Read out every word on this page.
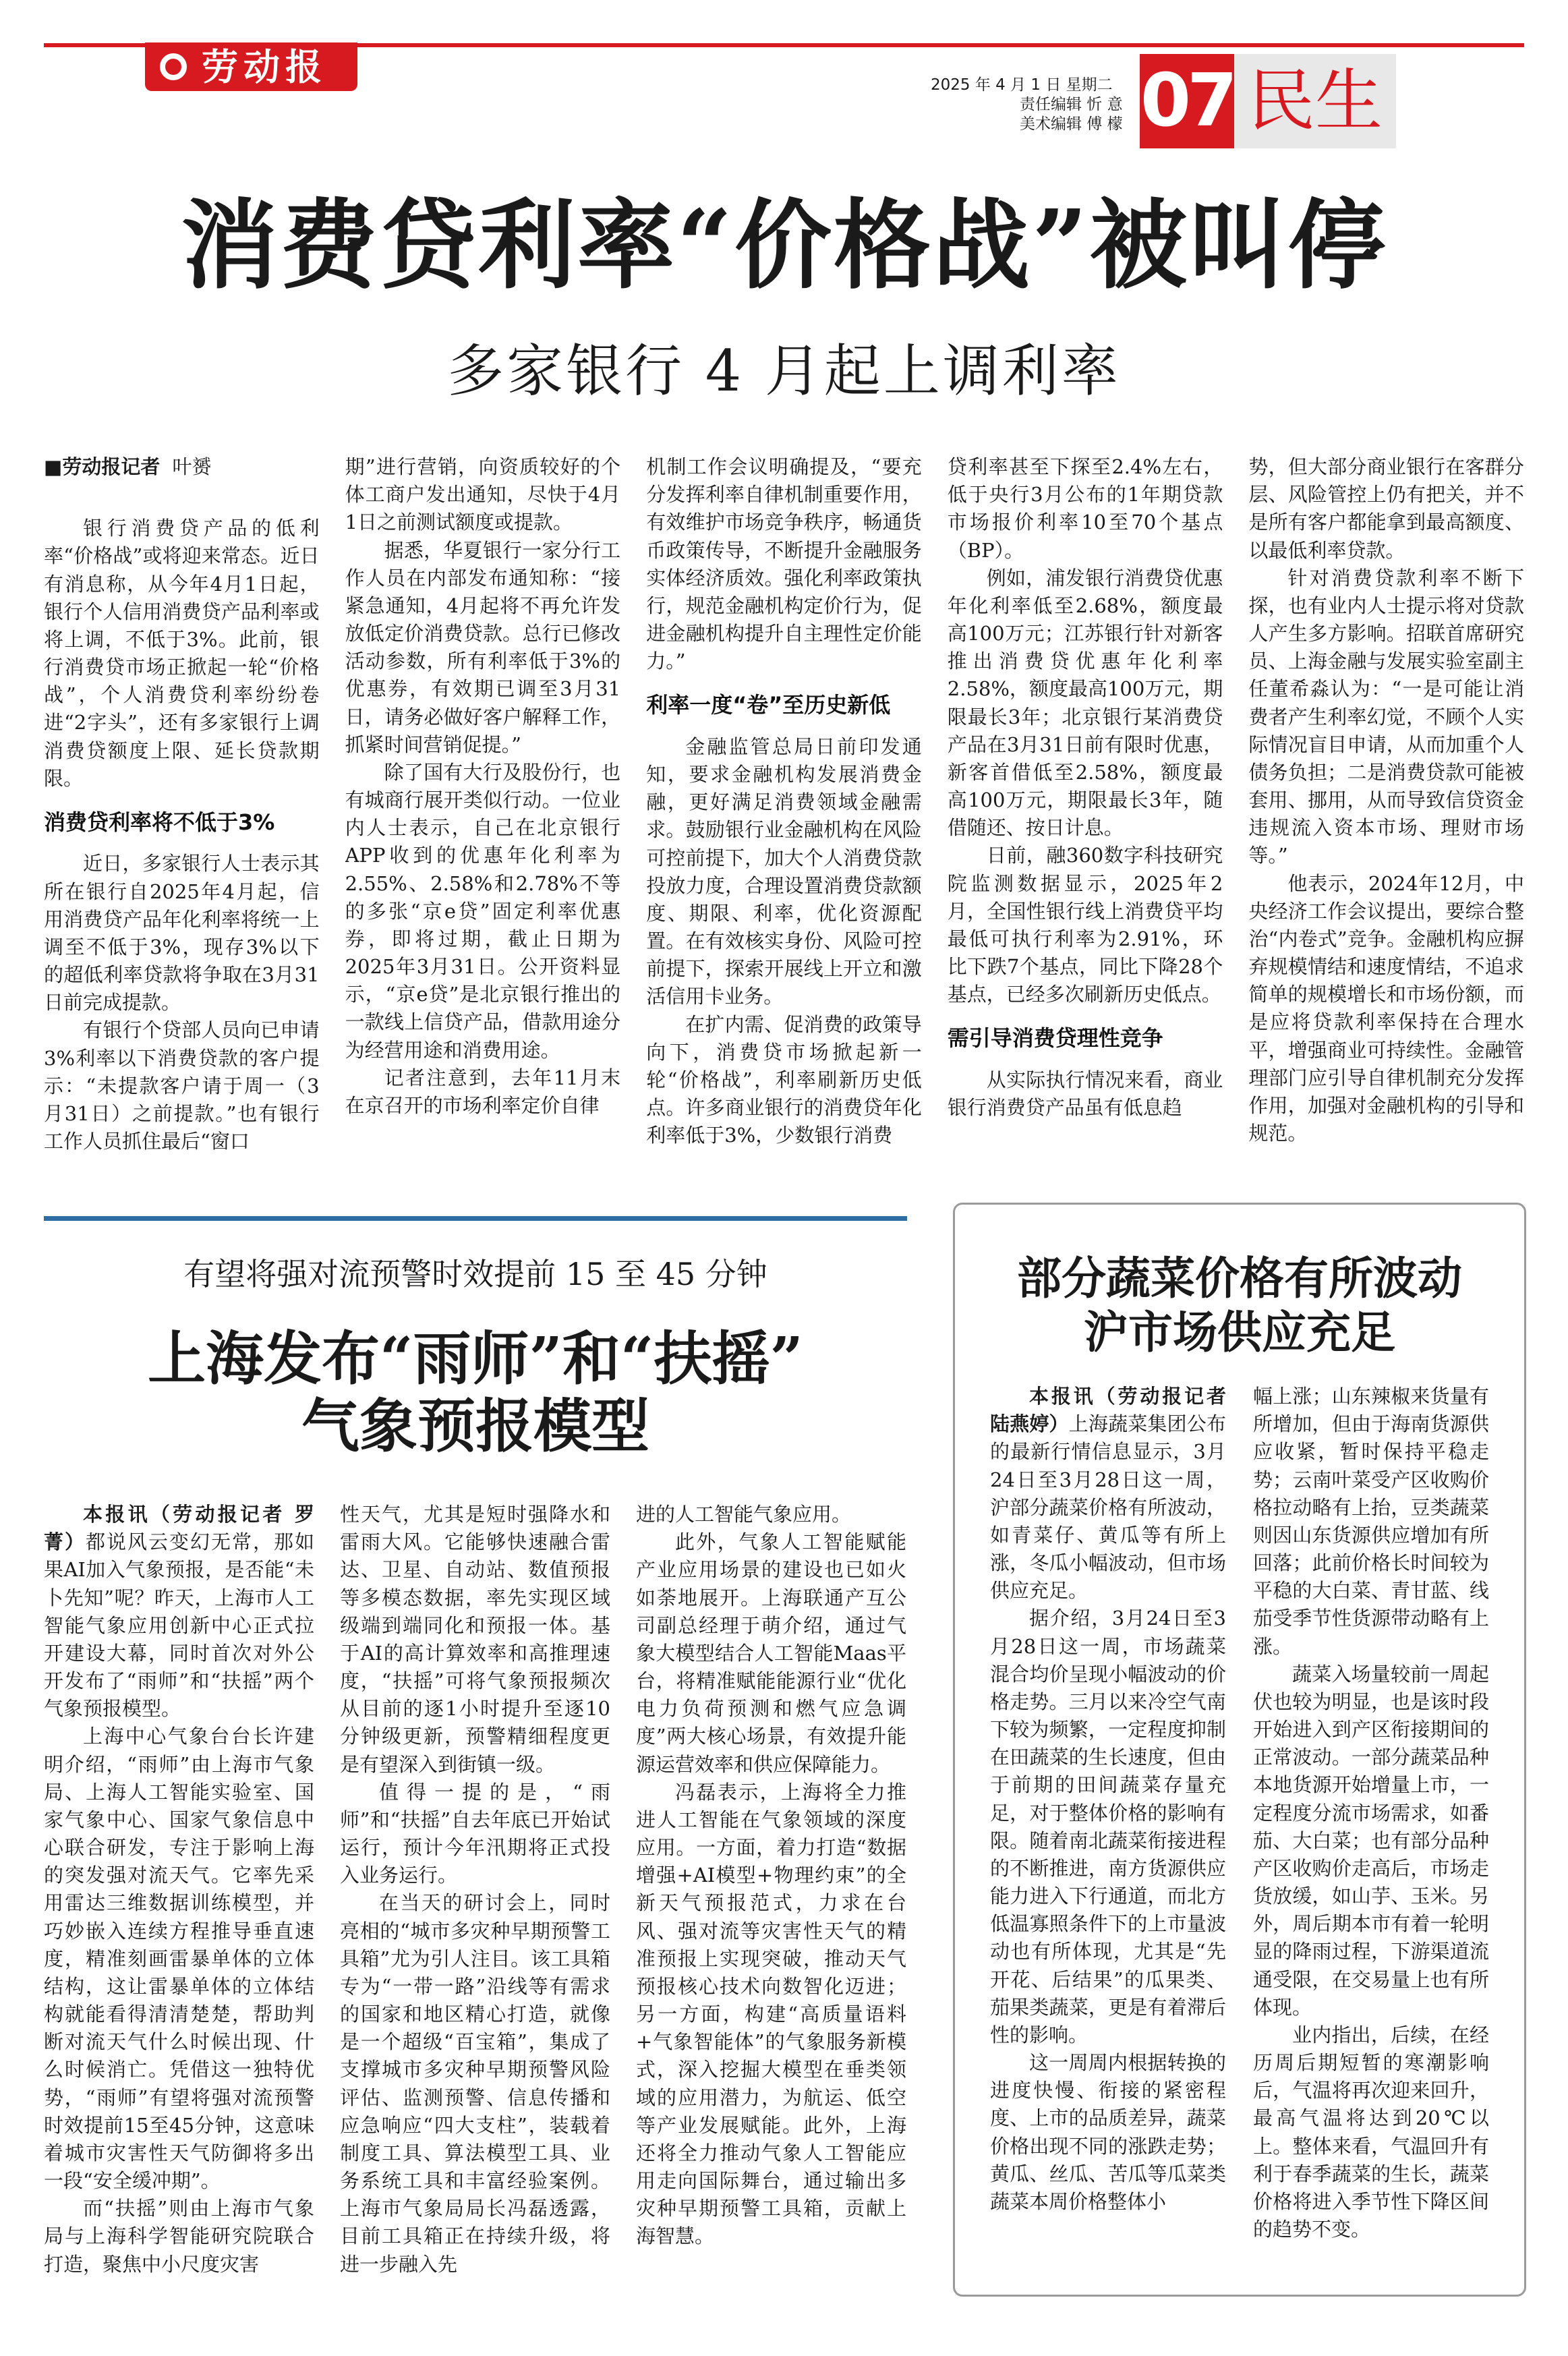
劳动报	2025 年 4 月 1 日 星期二
责任编辑 忻 意
美术编辑 傅 檬 07 民生
消费贷利率“价格战”被叫停
多家银行 4 月起上调利率
■劳动报记者 叶赟

银行消费贷产品的低利率“价格战”或将迎来常态。近日有消息称，从今年4月1日起，银行个人信用消费贷产品利率或将上调，不低于3%。此前，银行消费贷市场正掀起一轮“价格战”，个人消费贷利率纷纷卷进“2字头”，还有多家银行上调消费贷额度上限、延长贷款期限。

消费贷利率将不低于3%

近日，多家银行人士表示其所在银行自2025年4月起，信用消费贷产品年化利率将统一上调至不低于3%，现存3%以下的超低利率贷款将争取在3月31日前完成提款。

有银行个贷部人员向已申请3%利率以下消费贷款的客户提示：“未提款客户请于周一（3月31日）之前提款。”也有银行工作人员抓住最后“窗口

期”进行营销，向资质较好的个体工商户发出通知，尽快于4月1日之前测试额度或提款。

据悉，华夏银行一家分行工作人员在内部发布通知称：“接紧急通知，4月起将不再允许发放低定价消费贷款。总行已修改活动参数，所有利率低于3%的优惠券，有效期已调至3月31日，请务必做好客户解释工作，抓紧时间营销促提。”

除了国有大行及股份行，也有城商行展开类似行动。一位业内人士表示，自己在北京银行APP收到的优惠年化利率为2.55%、2.58%和2.78%不等的多张“京e贷”固定利率优惠券，即将过期，截止日期为2025年3月31日。公开资料显示，“京e贷”是北京银行推出的一款线上信贷产品，借款用途分为经营用途和消费用途。

记者注意到，去年11月末在京召开的市场利率定价自律

机制工作会议明确提及，“要充分发挥利率自律机制重要作用，有效维护市场竞争秩序，畅通货币政策传导，不断提升金融服务实体经济质效。强化利率政策执行，规范金融机构定价行为，促进金融机构提升自主理性定价能力。”

利率一度“卷”至历史新低

金融监管总局日前印发通知，要求金融机构发展消费金融，更好满足消费领域金融需求。鼓励银行业金融机构在风险可控前提下，加大个人消费贷款投放力度，合理设置消费贷款额度、期限、利率，优化资源配置。在有效核实身份、风险可控前提下，探索开展线上开立和激活信用卡业务。

在扩内需、促消费的政策导向下，消费贷市场掀起新一轮“价格战”，利率刷新历史低点。许多商业银行的消费贷年化利率低于3%，少数银行消费

贷利率甚至下探至2.4%左右，低于央行3月公布的1年期贷款市场报价利率10至70个基点（BP）。

例如，浦发银行消费贷优惠年化利率低至2.68%，额度最高100万元；江苏银行针对新客推出消费贷优惠年化利率2.58%，额度最高100万元，期限最长3年；北京银行某消费贷产品在3月31日前有限时优惠，新客首借低至2.58%，额度最高100万元，期限最长3年，随借随还、按日计息。

日前，融360数字科技研究院监测数据显示，2025年2月，全国性银行线上消费贷平均最低可执行利率为2.91%，环比下跌7个基点，同比下降28个基点，已经多次刷新历史低点。

需引导消费贷理性竞争

从实际执行情况来看，商业银行消费贷产品虽有低息趋

势，但大部分商业银行在客群分层、风险管控上仍有把关，并不是所有客户都能拿到最高额度、以最低利率贷款。

针对消费贷款利率不断下探，也有业内人士提示将对贷款人产生多方影响。招联首席研究员、上海金融与发展实验室副主任董希淼认为：“一是可能让消费者产生利率幻觉，不顾个人实际情况盲目申请，从而加重个人债务负担；二是消费贷款可能被套用、挪用，从而导致信贷资金违规流入资本市场、理财市场等。”

他表示，2024年12月，中央经济工作会议提出，要综合整治“内卷式”竞争。金融机构应摒弃规模情结和速度情结，不追求简单的规模增长和市场份额，而是应将贷款利率保持在合理水平，增强商业可持续性。金融管理部门应引导自律机制充分发挥作用，加强对金融机构的引导和规范。

有望将强对流预警时效提前 15 至 45 分钟
上海发布“雨师”和“扶摇”
气象预报模型

本报讯（劳动报记者 罗菁）都说风云变幻无常，那如果AI加入气象预报，是否能“未卜先知”呢？昨天，上海市人工智能气象应用创新中心正式拉开建设大幕，同时首次对外公开发布了“雨师”和“扶摇”两个气象预报模型。

上海中心气象台台长许建明介绍，“雨师”由上海市气象局、上海人工智能实验室、国家气象中心、国家气象信息中心联合研发，专注于影响上海的突发强对流天气。它率先采用雷达三维数据训练模型，并巧妙嵌入连续方程推导垂直速度，精准刻画雷暴单体的立体结构，这让雷暴单体的立体结构就能看得清清楚楚，帮助判断对流天气什么时候出现、什么时候消亡。凭借这一独特优势，“雨师”有望将强对流预警时效提前15至45分钟，这意味着城市灾害性天气防御将多出一段“安全缓冲期”。

而“扶摇”则由上海市气象局与上海科学智能研究院联合打造，聚焦中小尺度灾害

性天气，尤其是短时强降水和雷雨大风。它能够快速融合雷达、卫星、自动站、数值预报等多模态数据，率先实现区域级端到端同化和预报一体。基于AI的高计算效率和高推理速度，“扶摇”可将气象预报频次从目前的逐1小时提升至逐10分钟级更新，预警精细程度更是有望深入到街镇一级。

值得一提的是，“雨师”和“扶摇”自去年底已开始试运行，预计今年汛期将正式投入业务运行。

在当天的研讨会上，同时亮相的“城市多灾种早期预警工具箱”尤为引人注目。该工具箱专为“一带一路”沿线等有需求的国家和地区精心打造，就像是一个超级“百宝箱”，集成了支撑城市多灾种早期预警风险评估、监测预警、信息传播和应急响应“四大支柱”，装载着制度工具、算法模型工具、业务系统工具和丰富经验案例。上海市气象局局长冯磊透露，目前工具箱正在持续升级，将进一步融入先

进的人工智能气象应用。

此外，气象人工智能赋能产业应用场景的建设也已如火如荼地展开。上海联通产互公司副总经理于萌介绍，通过气象大模型结合人工智能Maas平台，将精准赋能能源行业“优化电力负荷预测和燃气应急调度”两大核心场景，有效提升能源运营效率和供应保障能力。

冯磊表示，上海将全力推进人工智能在气象领域的深度应用。一方面，着力打造“数据增强+AI模型+物理约束”的全新天气预报范式，力求在台风、强对流等灾害性天气的精准预报上实现突破，推动天气预报核心技术向数智化迈进；另一方面，构建“高质量语料+气象智能体”的气象服务新模式，深入挖掘大模型在垂类领域的应用潜力，为航运、低空等产业发展赋能。此外，上海还将全力推动气象人工智能应用走向国际舞台，通过输出多灾种早期预警工具箱，贡献上海智慧。

部分蔬菜价格有所波动
沪市场供应充足

本报讯（劳动报记者 陆燕婷）上海蔬菜集团公布的最新行情信息显示，3月24日至3月28日这一周，沪部分蔬菜价格有所波动，如青菜仔、黄瓜等有所上涨，冬瓜小幅波动，但市场供应充足。

据介绍，3月24日至3月28日这一周，市场蔬菜混合均价呈现小幅波动的价格走势。三月以来冷空气南下较为频繁，一定程度抑制在田蔬菜的生长速度，但由于前期的田间蔬菜存量充足，对于整体价格的影响有限。随着南北蔬菜衔接进程的不断推进，南方货源供应能力进入下行通道，而北方低温寡照条件下的上市量波动也有所体现，尤其是“先开花、后结果”的瓜果类、茄果类蔬菜，更是有着滞后性的影响。

这一周周内根据转换的进度快慢、衔接的紧密程度、上市的品质差异，蔬菜价格出现不同的涨跌走势；黄瓜、丝瓜、苦瓜等瓜菜类蔬菜本周价格整体小

幅上涨；山东辣椒来货量有所增加，但由于海南货源供应收紧，暂时保持平稳走势；云南叶菜受产区收购价格拉动略有上抬，豆类蔬菜则因山东货源供应增加有所回落；此前价格长时间较为平稳的大白菜、青甘蓝、线茄受季节性货源带动略有上涨。

蔬菜入场量较前一周起伏也较为明显，也是该时段开始进入到产区衔接期间的正常波动。一部分蔬菜品种本地货源开始增量上市，一定程度分流市场需求，如番茄、大白菜；也有部分品种产区收购价走高后，市场走货放缓，如山芋、玉米。另外，周后期本市有着一轮明显的降雨过程，下游渠道流通受限，在交易量上也有所体现。

业内指出，后续，在经历周后期短暂的寒潮影响后，气温将再次迎来回升，最高气温将达到20℃以上。整体来看，气温回升有利于春季蔬菜的生长，蔬菜价格将进入季节性下降区间的趋势不变。
